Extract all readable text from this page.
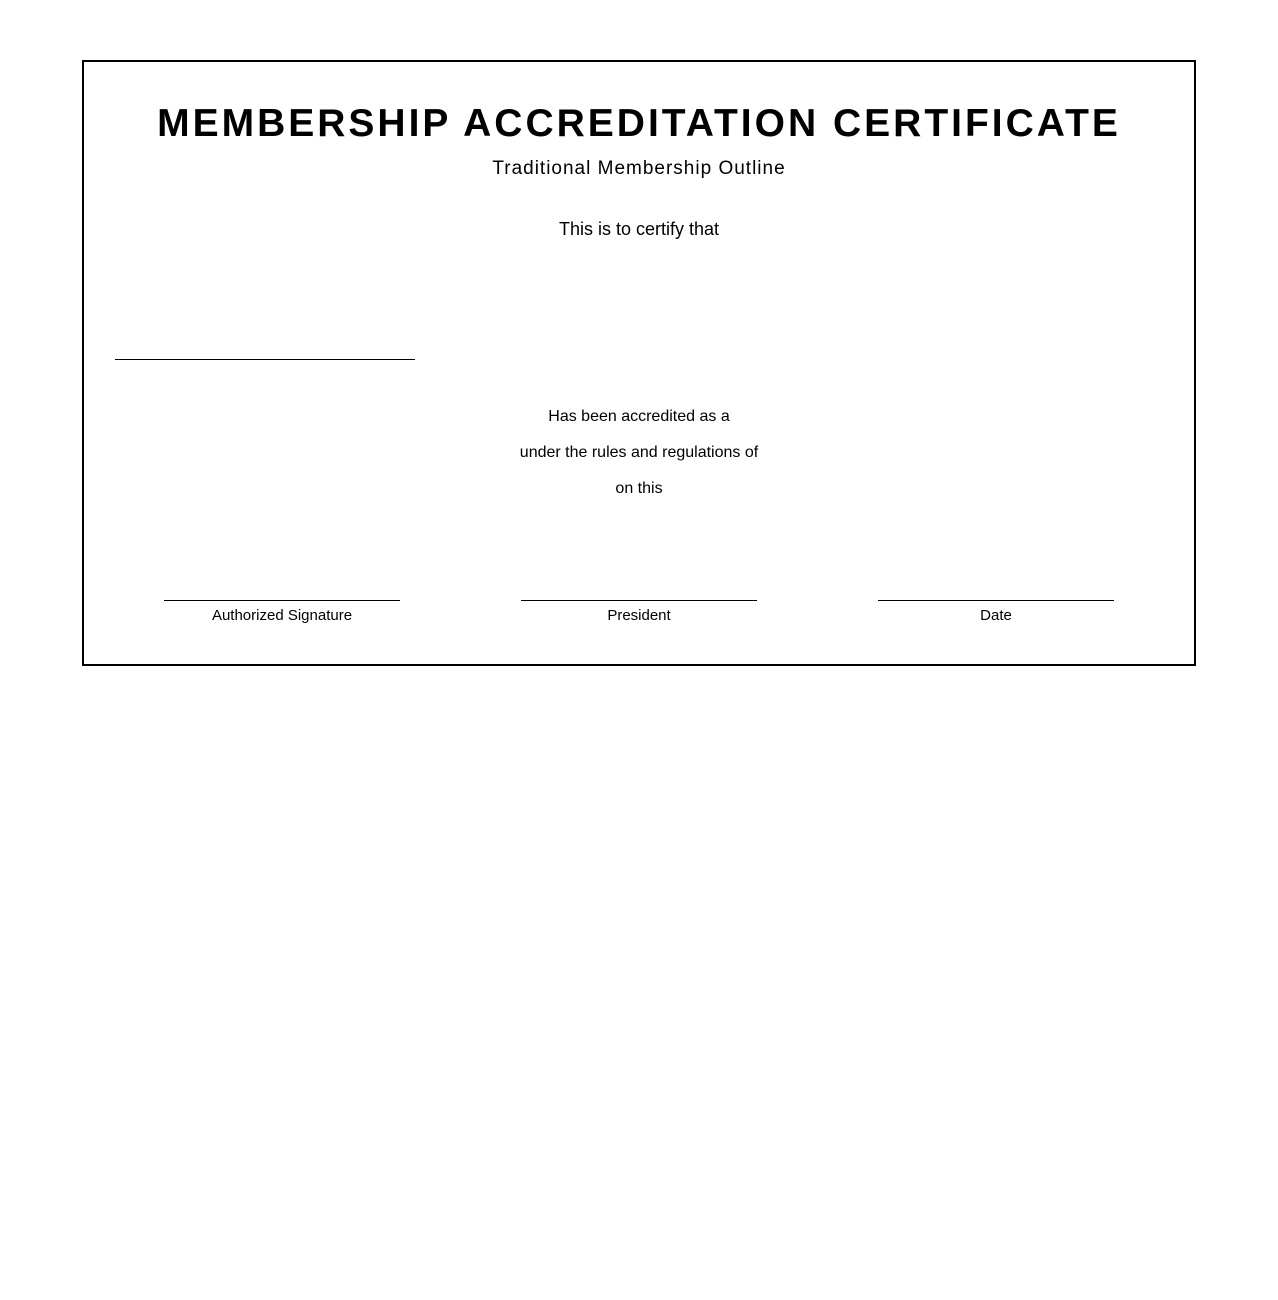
MEMBERSHIP ACCREDITATION CERTIFICATE
Traditional Membership Outline
This is to certify that
Has been accredited as a
under the rules and regulations of
on this
Authorized Signature	President	Date
